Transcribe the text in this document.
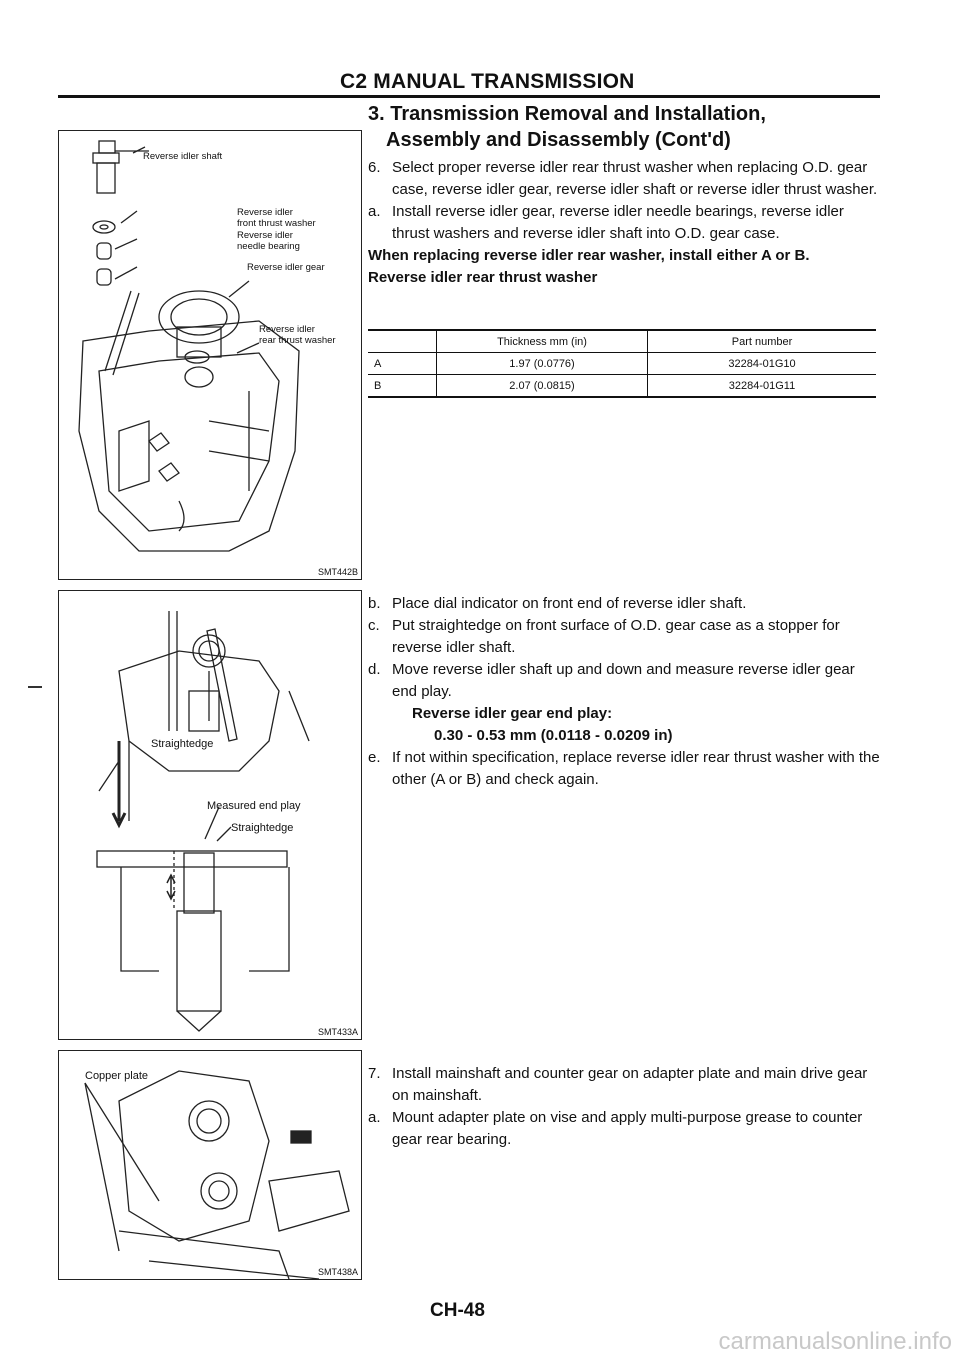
C2 MANUAL TRANSMISSION
3. Transmission Removal and Installation,
Assembly and Disassembly (Cont'd)
Reverse idler shaft
Reverse idler
front thrust washer
Reverse idler
needle bearing
Reverse idler gear
Reverse idler
rear thrust washer
SMT442B
Straightedge
Measured end play
Straightedge
SMT433A
Copper plate
SMT438A
6. Select proper reverse idler rear thrust washer when replacing O.D. gear case, reverse idler gear, reverse idler shaft or reverse idler thrust washer.
a. Install reverse idler gear, reverse idler needle bearings, reverse idler thrust washers and reverse idler shaft into O.D. gear case.
When replacing reverse idler rear washer, install either A or B.
Reverse idler rear thrust washer
	Thickness mm (in)	Part number
A	1.97 (0.0776)	32284-01G10
B	2.07 (0.0815)	32284-01G11
b. Place dial indicator on front end of reverse idler shaft.
c. Put straightedge on front surface of O.D. gear case as a stopper for reverse idler shaft.
d. Move reverse idler shaft up and down and measure reverse idler gear end play.
Reverse idler gear end play:
0.30 - 0.53 mm (0.0118 - 0.0209 in)
e. If not within specification, replace reverse idler rear thrust washer with the other (A or B) and check again.
7. Install mainshaft and counter gear on adapter plate and main drive gear on mainshaft.
a. Mount adapter plate on vise and apply multi-purpose grease to counter gear rear bearing.
CH-48
carmanualsonline.info
